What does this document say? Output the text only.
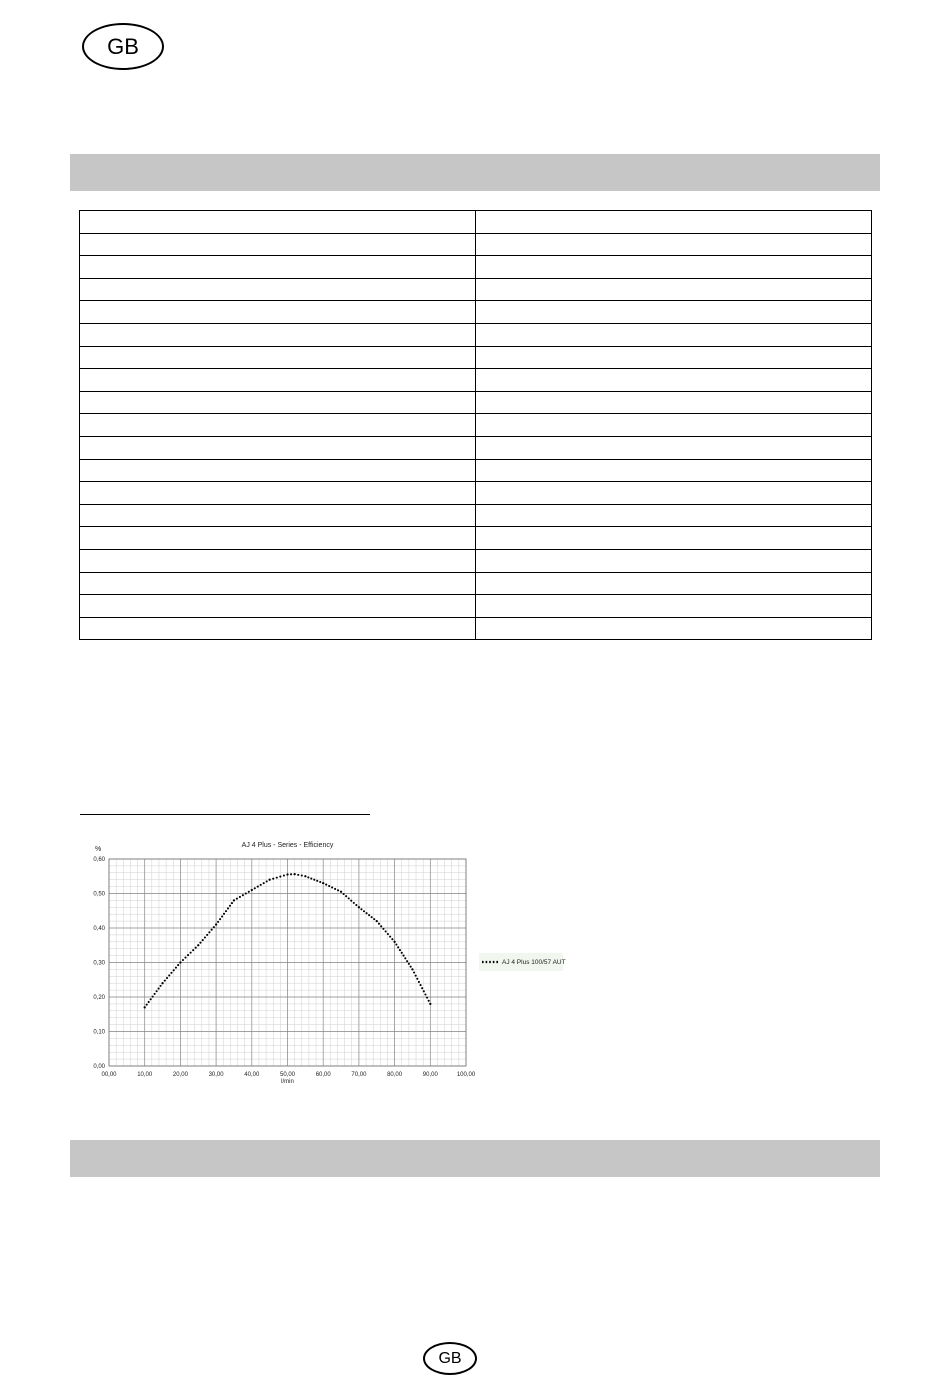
GB

AJ 4 Plus - Series - Efficiency
%
l/min
00,00	10,00	20,00	30,00	40,00	50,00	60,00	70,00	80,00	90,00	100,00
0,00
0,10
0,20
0,30
0,40
0,50
0,60
AJ 4 Plus 100/57 AUT
GB
